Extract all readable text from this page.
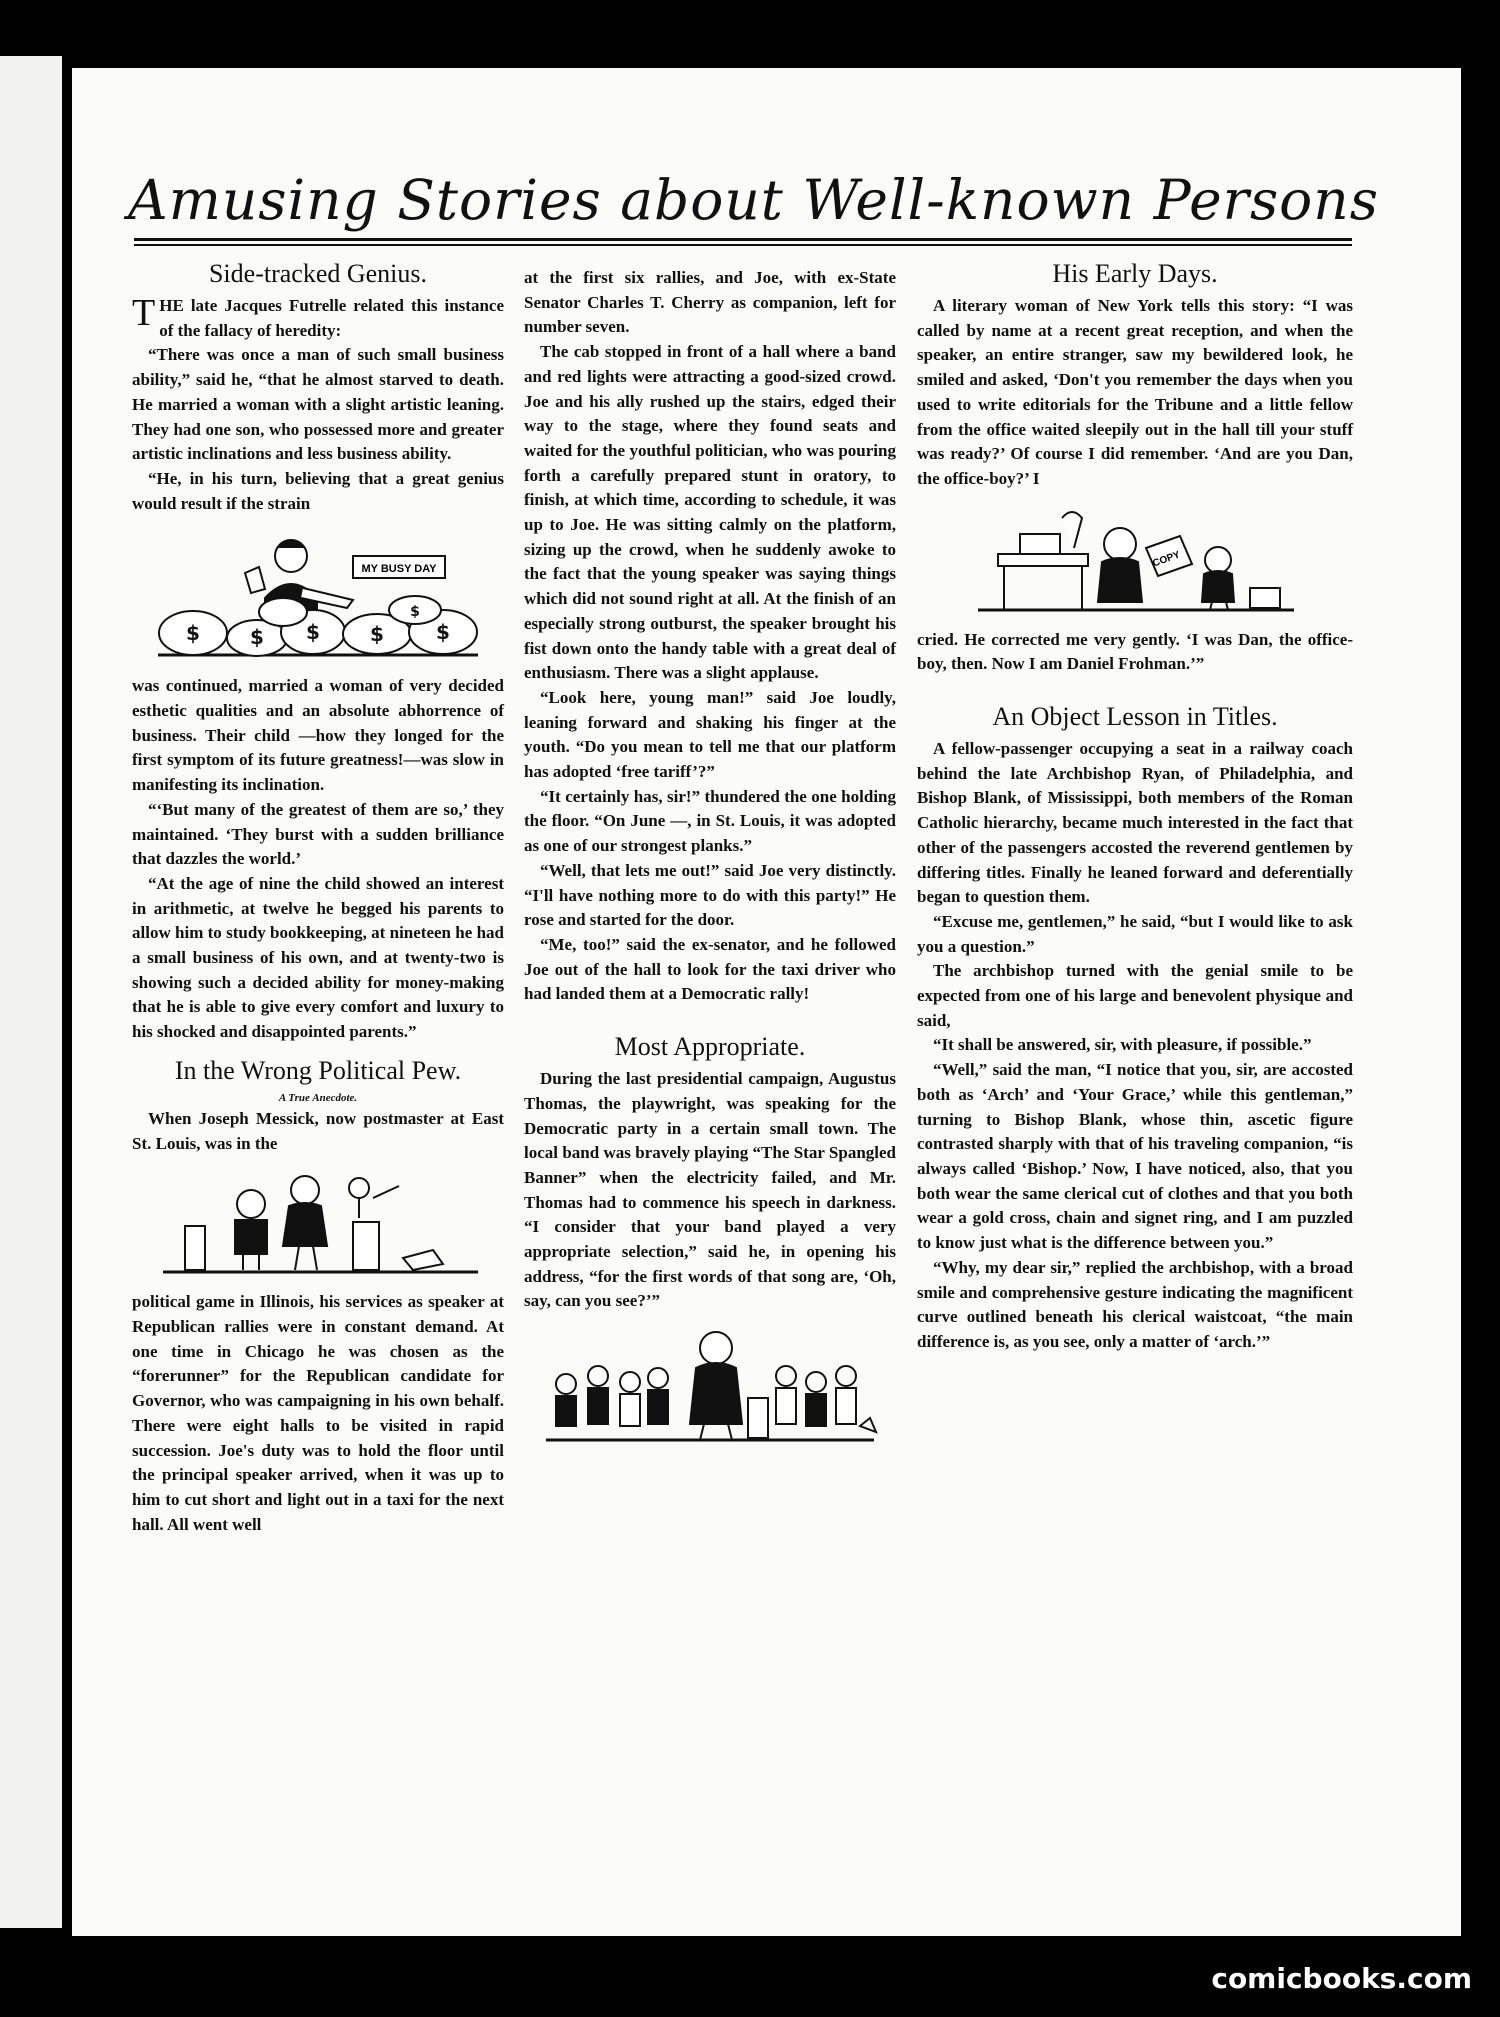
Amusing Stories about Well-known Persons
Side-tracked Genius.

THE late Jacques Futrelle related this instance of the fallacy of heredity:

“There was once a man of such small business ability,” said he, “that he almost starved to death. He married a woman with a slight artistic leaning. They had one son, who possessed more and greater artistic inclinations and less business ability.

“He, in his turn, believing that a great genius would result if the strain

MY BUSY DAY
$	$ $	$	$
$

was continued, married a woman of very decided esthetic qualities and an absolute abhorrence of business. Their child —how they longed for the first symptom of its future greatness!—was slow in manifesting its inclination.

“‘But many of the greatest of them are so,’ they maintained. ‘They burst with a sudden brilliance that dazzles the world.’

“At the age of nine the child showed an interest in arithmetic, at twelve he begged his parents to allow him to study bookkeeping, at nineteen he had a small business of his own, and at twenty-two is showing such a decided ability for money-making that he is able to give every comfort and luxury to his shocked and disappointed parents.”

In the Wrong Political Pew.
A True Anecdote.

When Joseph Messick, now postmaster at East St. Louis, was in the

political game in Illinois, his services as speaker at Republican rallies were in constant demand. At one time in Chicago he was chosen as the “forerunner” for the Republican candidate for Governor, who was campaigning in his own behalf. There were eight halls to be visited in rapid succession. Joe's duty was to hold the floor until the principal speaker arrived, when it was up to him to cut short and light out in a taxi for the next hall. All went well

at the first six rallies, and Joe, with ex-State Senator Charles T. Cherry as companion, left for number seven.

The cab stopped in front of a hall where a band and red lights were attracting a good-sized crowd. Joe and his ally rushed up the stairs, edged their way to the stage, where they found seats and waited for the youthful politician, who was pouring forth a carefully prepared stunt in oratory, to finish, at which time, according to schedule, it was up to Joe. He was sitting calmly on the platform, sizing up the crowd, when he suddenly awoke to the fact that the young speaker was saying things which did not sound right at all. At the finish of an especially strong outburst, the speaker brought his fist down onto the handy table with a great deal of enthusiasm. There was a slight applause.

“Look here, young man!” said Joe loudly, leaning forward and shaking his finger at the youth. “Do you mean to tell me that our platform has adopted ‘free tariff’?”

“It certainly has, sir!” thundered the one holding the floor. “On June —, in St. Louis, it was adopted as one of our strongest planks.”

“Well, that lets me out!” said Joe very distinctly. “I'll have nothing more to do with this party!” He rose and started for the door.

“Me, too!” said the ex-senator, and he followed Joe out of the hall to look for the taxi driver who had landed them at a Democratic rally!

Most Appropriate.

During the last presidential campaign, Augustus Thomas, the playwright, was speaking for the Democratic party in a certain small town. The local band was bravely playing “The Star Spangled Banner” when the electricity failed, and Mr. Thomas had to commence his speech in darkness. “I consider that your band played a very appropriate selection,” said he, in opening his address, “for the first words of that song are, ‘Oh, say, can you see?’”

His Early Days.

A literary woman of New York tells this story: “I was called by name at a recent great reception, and when the speaker, an entire stranger, saw my bewildered look, he smiled and asked, ‘Don't you remember the days when you used to write editorials for the Tribune and a little fellow from the office waited sleepily out in the hall till your stuff was ready?’ Of course I did remember. ‘And are you Dan, the office-boy?’ I

COPY

cried. He corrected me very gently. ‘I was Dan, the office-boy, then. Now I am Daniel Frohman.’”

An Object Lesson in Titles.

A fellow-passenger occupying a seat in a railway coach behind the late Archbishop Ryan, of Philadelphia, and Bishop Blank, of Mississippi, both members of the Roman Catholic hierarchy, became much interested in the fact that other of the passengers accosted the reverend gentlemen by differing titles. Finally he leaned forward and deferentially began to question them.

“Excuse me, gentlemen,” he said, “but I would like to ask you a question.”

The archbishop turned with the genial smile to be expected from one of his large and benevolent physique and said,

“It shall be answered, sir, with pleasure, if possible.”

“Well,” said the man, “I notice that you, sir, are accosted both as ‘Arch’ and ‘Your Grace,’ while this gentleman,” turning to Bishop Blank, whose thin, ascetic figure contrasted sharply with that of his traveling companion, “is always called ‘Bishop.’ Now, I have noticed, also, that you both wear the same clerical cut of clothes and that you both wear a gold cross, chain and signet ring, and I am puzzled to know just what is the difference between you.”

“Why, my dear sir,” replied the archbishop, with a broad smile and comprehensive gesture indicating the magnificent curve outlined beneath his clerical waistcoat, “the main difference is, as you see, only a matter of ‘arch.’”

comicbooks.com
